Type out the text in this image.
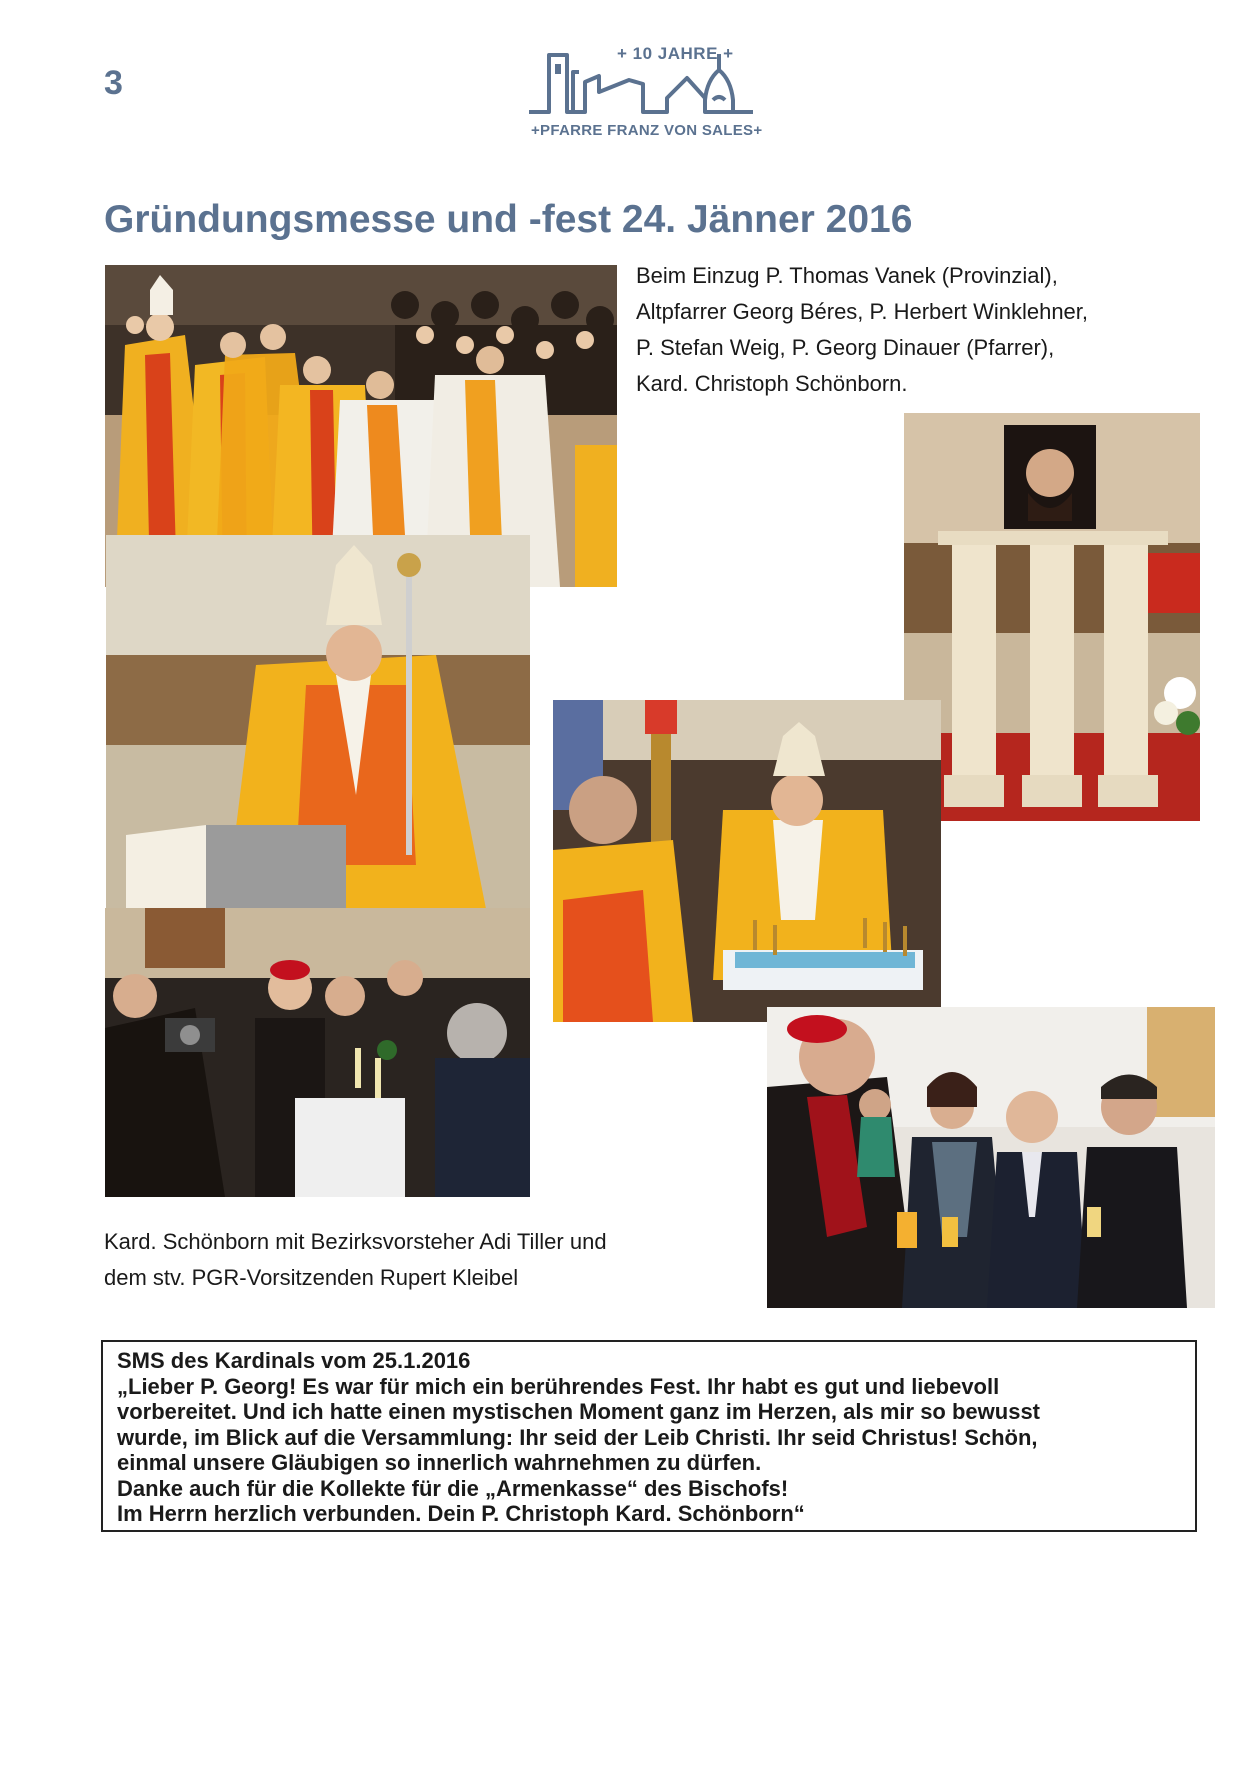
3
+ 10 JAHRE +
+PFARRE FRANZ VON SALES+
Gründungsmesse und -fest 24. Jänner 2016
Beim Einzug P. Thomas Vanek (Provinzial),
Altpfarrer Georg Béres, P. Herbert Winklehner,
P. Stefan Weig, P. Georg Dinauer (Pfarrer),
Kard. Christoph Schönborn.
Kard. Schönborn mit Bezirksvorsteher Adi Tiller und
dem stv. PGR-Vorsitzenden Rupert Kleibel
SMS des Kardinals vom 25.1.2016
„Lieber P. Georg! Es war für mich ein berührendes Fest. Ihr habt es gut und liebevoll
vorbereitet. Und ich hatte einen mystischen Moment ganz im Herzen, als mir so bewusst
wurde, im Blick auf die Versammlung: Ihr seid der Leib Christi. Ihr seid Christus! Schön,
einmal unsere Gläubigen so innerlich wahrnehmen zu dürfen.
Danke auch für die Kollekte für die „Armenkasse“ des Bischofs!
Im Herrn herzlich verbunden. Dein P. Christoph Kard. Schönborn“
